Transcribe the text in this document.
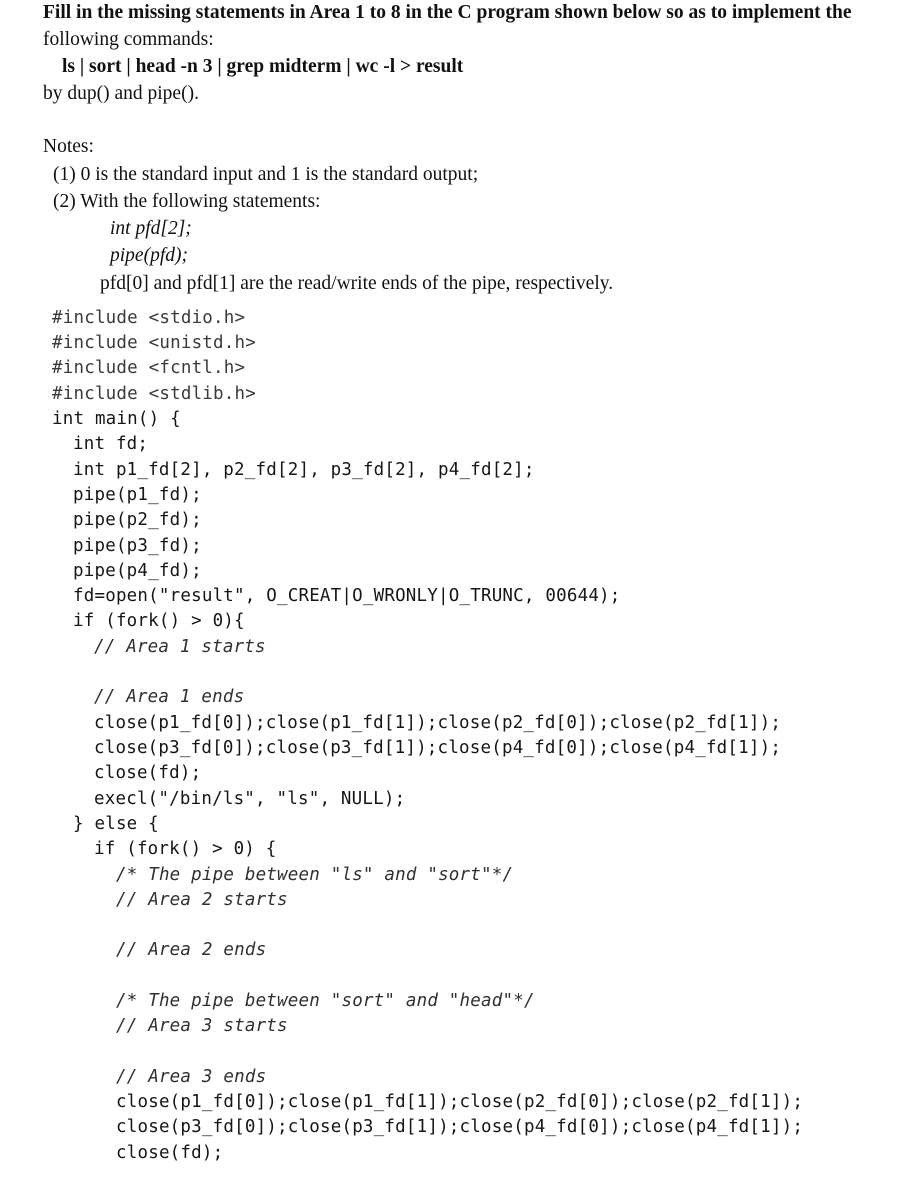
Fill in the missing statements in Area 1 to 8 in the C program shown below so as to implement the
following commands:
ls | sort | head -n 3 | grep midterm | wc -l > result
by dup() and pipe().
Notes:
(1) 0 is the standard input and 1 is the standard output;
(2) With the following statements:
int pfd[2];
pipe(pfd);
pfd[0] and pfd[1] are the read/write ends of the pipe, respectively.
#include <stdio.h>
#include <unistd.h>
#include <fcntl.h>
#include <stdlib.h>
int main() {
int fd;
int p1_fd[2], p2_fd[2], p3_fd[2], p4_fd[2];
pipe(p1_fd);
pipe(p2_fd);
pipe(p3_fd);
pipe(p4_fd);
fd=open("result", O_CREAT|O_WRONLY|O_TRUNC, 00644);
if (fork() > 0){
// Area 1 starts
// Area 1 ends
close(p1_fd[0]);close(p1_fd[1]);close(p2_fd[0]);close(p2_fd[1]);
close(p3_fd[0]);close(p3_fd[1]);close(p4_fd[0]);close(p4_fd[1]);
close(fd);
execl("/bin/ls", "ls", NULL);
} else {
if (fork() > 0) {
/* The pipe between "ls" and "sort"*/
// Area 2 starts
// Area 2 ends
/* The pipe between "sort" and "head"*/
// Area 3 starts
// Area 3 ends
close(p1_fd[0]);close(p1_fd[1]);close(p2_fd[0]);close(p2_fd[1]);
close(p3_fd[0]);close(p3_fd[1]);close(p4_fd[0]);close(p4_fd[1]);
close(fd);
